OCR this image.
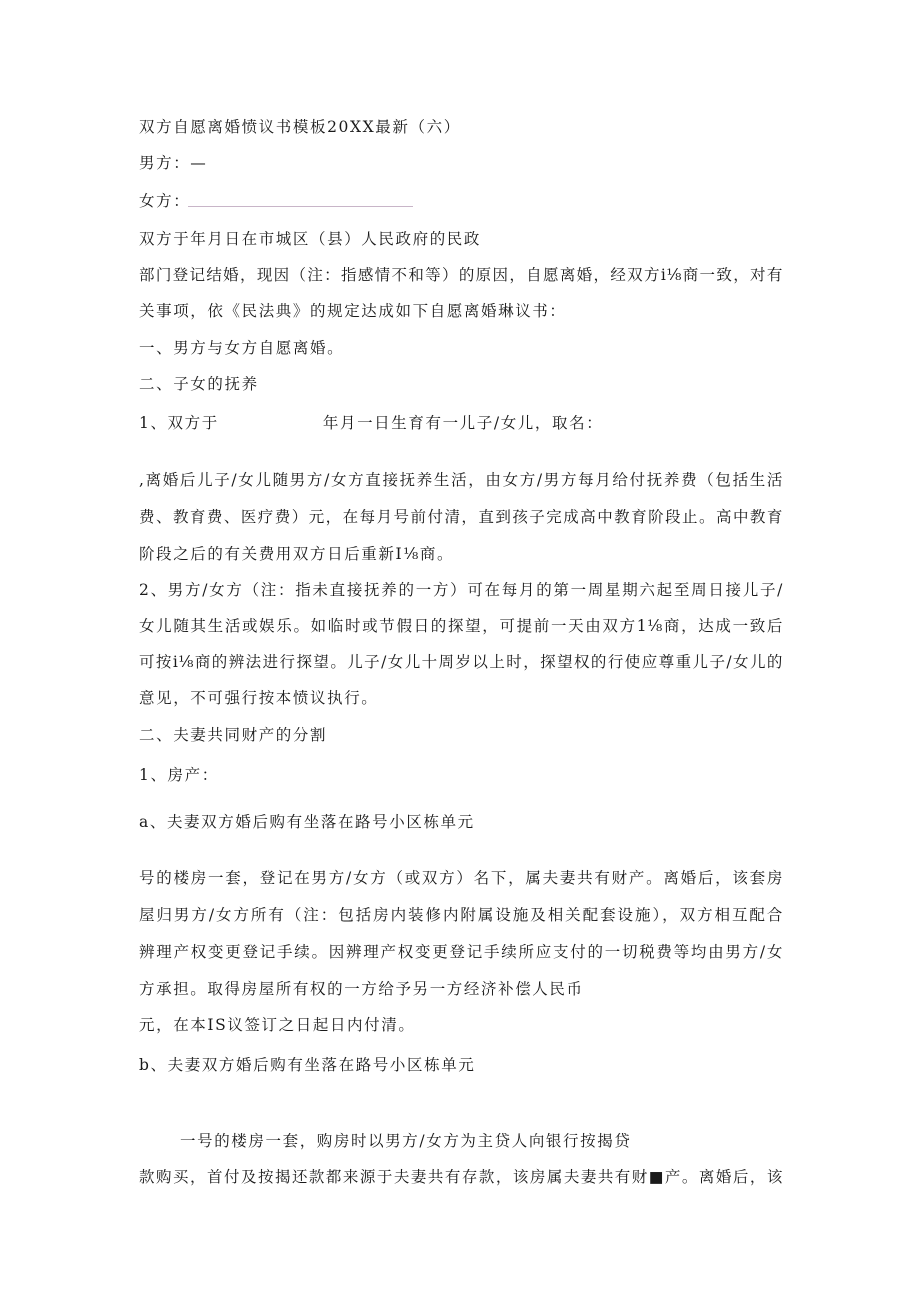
双方自愿离婚愤议书模板20XX最新（六）
男方：—
女方：
双方于年月日在市城区（县）人民政府的民政
部门登记结婚，现因（注：指感情不和等）的原因，自愿离婚，经双方i⅛商一致，对有
关事项，依《民法典》的规定达成如下自愿离婚琳议书：
一、男方与女方自愿离婚。
二、子女的抚养
1、双方于	年月一日生育有一儿子/女儿，取名：
,离婚后儿子/女儿随男方/女方直接抚养生活，由女方/男方每月给付抚养费（包括生活
费、教育费、医疗费）元，在每月号前付清，直到孩子完成高中教育阶段止。高中教育
阶段之后的有关费用双方日后重新I⅛商。
2、男方/女方（注：指未直接抚养的一方）可在每月的第一周星期六起至周日接儿子/
女儿随其生活或娱乐。如临时或节假日的探望，可提前一天由双方1⅛商，达成一致后
可按i⅛商的辨法进行探望。儿子/女儿十周岁以上时，探望权的行使应尊重儿子/女儿的
意见，不可强行按本愤议执行。
二、夫妻共同财产的分割
1、房产：
a、夫妻双方婚后购有坐落在路号小区栋单元
号的楼房一套，登记在男方/女方（或双方）名下，属夫妻共有财产。离婚后，该套房
屋归男方/女方所有（注：包括房内装修内附属设施及相关配套设施），双方相互配合
辨理产权变更登记手续。因辨理产权变更登记手续所应支付的一切税费等均由男方/女
方承担。取得房屋所有权的一方给予另一方经济补偿人民币
元，在本IS议签订之日起日内付清。
b、夫妻双方婚后购有坐落在路号小区栋单元
一号的楼房一套，购房时以男方/女方为主贷人向银行按揭贷
款购买，首付及按揭还款都来源于夫妻共有存款，该房属夫妻共有财■产。离婚后，该
